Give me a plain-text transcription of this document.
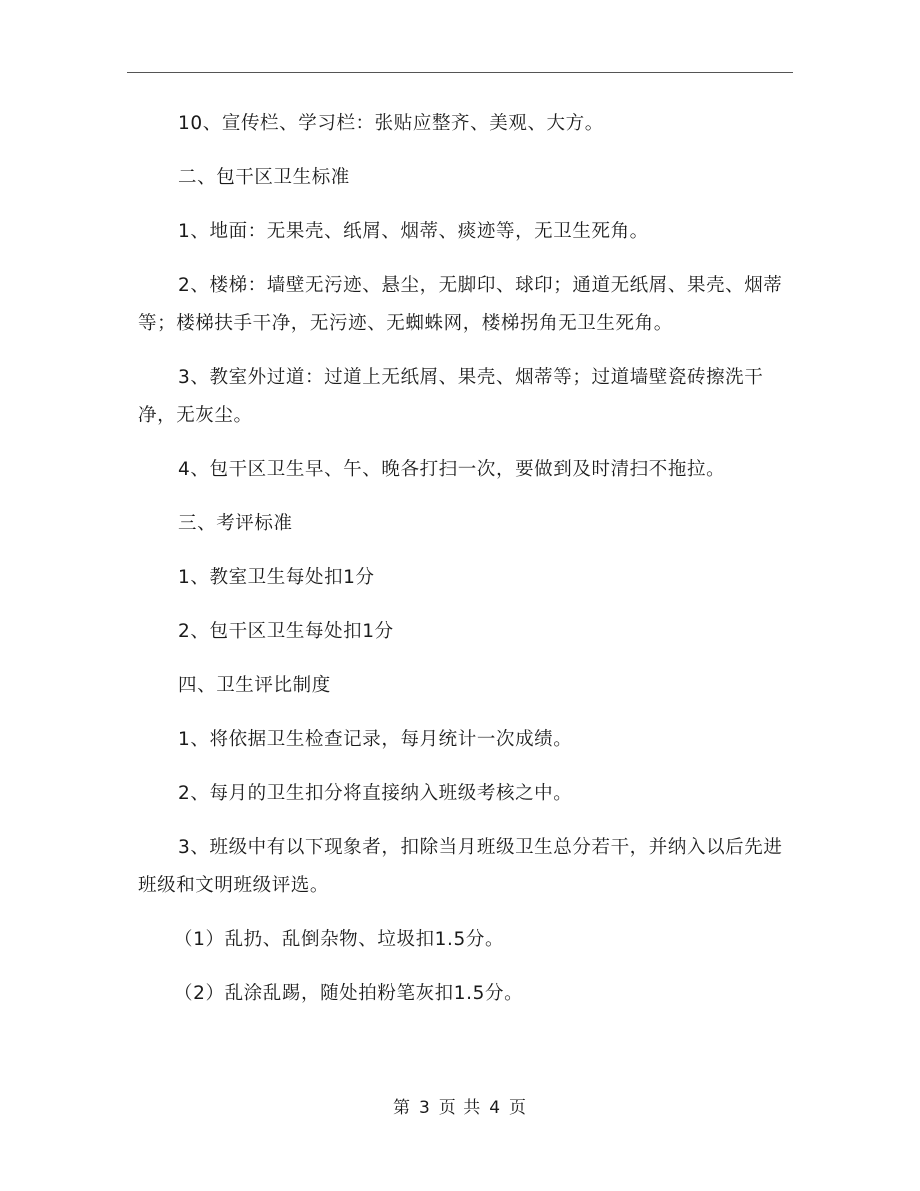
10、宣传栏、学习栏：张贴应整齐、美观、大方。

二、包干区卫生标准

1、地面：无果壳、纸屑、烟蒂、痰迹等，无卫生死角。

2、楼梯：墙壁无污迹、悬尘，无脚印、球印；通道无纸屑、果壳、烟蒂等；楼梯扶手干净，无污迹、无蜘蛛网，楼梯拐角无卫生死角。

3、教室外过道：过道上无纸屑、果壳、烟蒂等；过道墙壁瓷砖擦洗干净，无灰尘。

4、包干区卫生早、午、晚各打扫一次，要做到及时清扫不拖拉。

三、考评标准

1、教室卫生每处扣1分

2、包干区卫生每处扣1分

四、卫生评比制度

1、将依据卫生检查记录，每月统计一次成绩。

2、每月的卫生扣分将直接纳入班级考核之中。

3、班级中有以下现象者，扣除当月班级卫生总分若干，并纳入以后先进班级和文明班级评选。

（1）乱扔、乱倒杂物、垃圾扣1.5分。

（2）乱涂乱踢，随处拍粉笔灰扣1.5分。

第 3 页 共 4 页
